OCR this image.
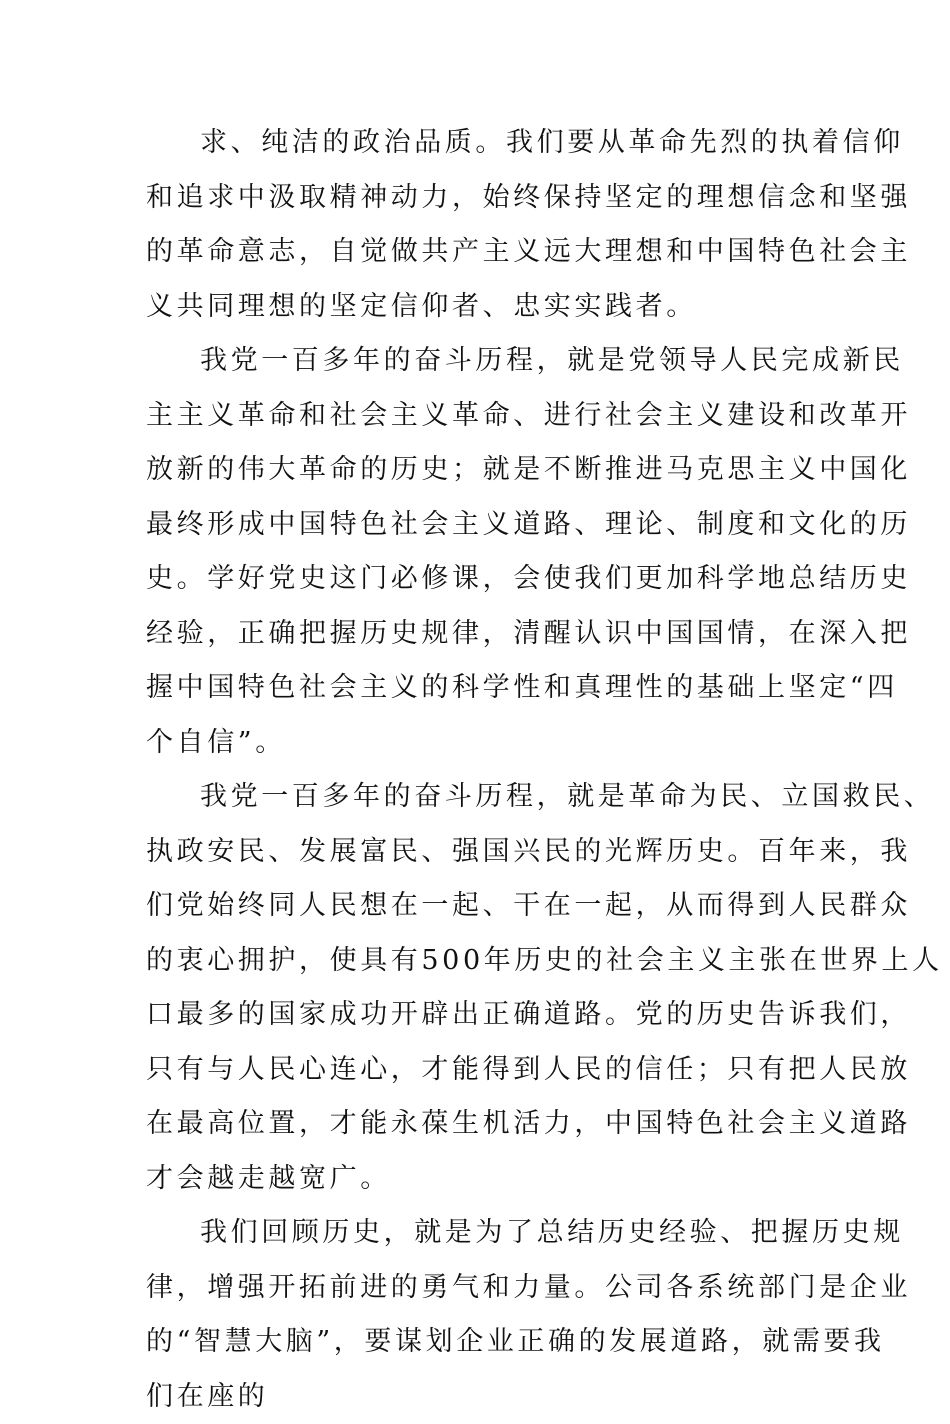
求、纯洁的政治品质。我们要从革命先烈的执着信仰
和追求中汲取精神动力，始终保持坚定的理想信念和坚强
的革命意志，自觉做共产主义远大理想和中国特色社会主
义共同理想的坚定信仰者、忠实实践者。
我党一百多年的奋斗历程，就是党领导人民完成新民
主主义革命和社会主义革命、进行社会主义建设和改革开
放新的伟大革命的历史；就是不断推进马克思主义中国化
最终形成中国特色社会主义道路、理论、制度和文化的历
史。学好党史这门必修课，会使我们更加科学地总结历史
经验，正确把握历史规律，清醒认识中国国情，在深入把
握中国特色社会主义的科学性和真理性的基础上坚定“四
个自信”。
我党一百多年的奋斗历程，就是革命为民、立国救民、
执政安民、发展富民、强国兴民的光辉历史。百年来，我
们党始终同人民想在一起、干在一起，从而得到人民群众
的衷心拥护，使具有500年历史的社会主义主张在世界上人
口最多的国家成功开辟出正确道路。党的历史告诉我们，
只有与人民心连心，才能得到人民的信任；只有把人民放
在最高位置，才能永葆生机活力，中国特色社会主义道路
才会越走越宽广。
我们回顾历史，就是为了总结历史经验、把握历史规
律，增强开拓前进的勇气和力量。公司各系统部门是企业
的“智慧大脑”，要谋划企业正确的发展道路，就需要我
们在座的
